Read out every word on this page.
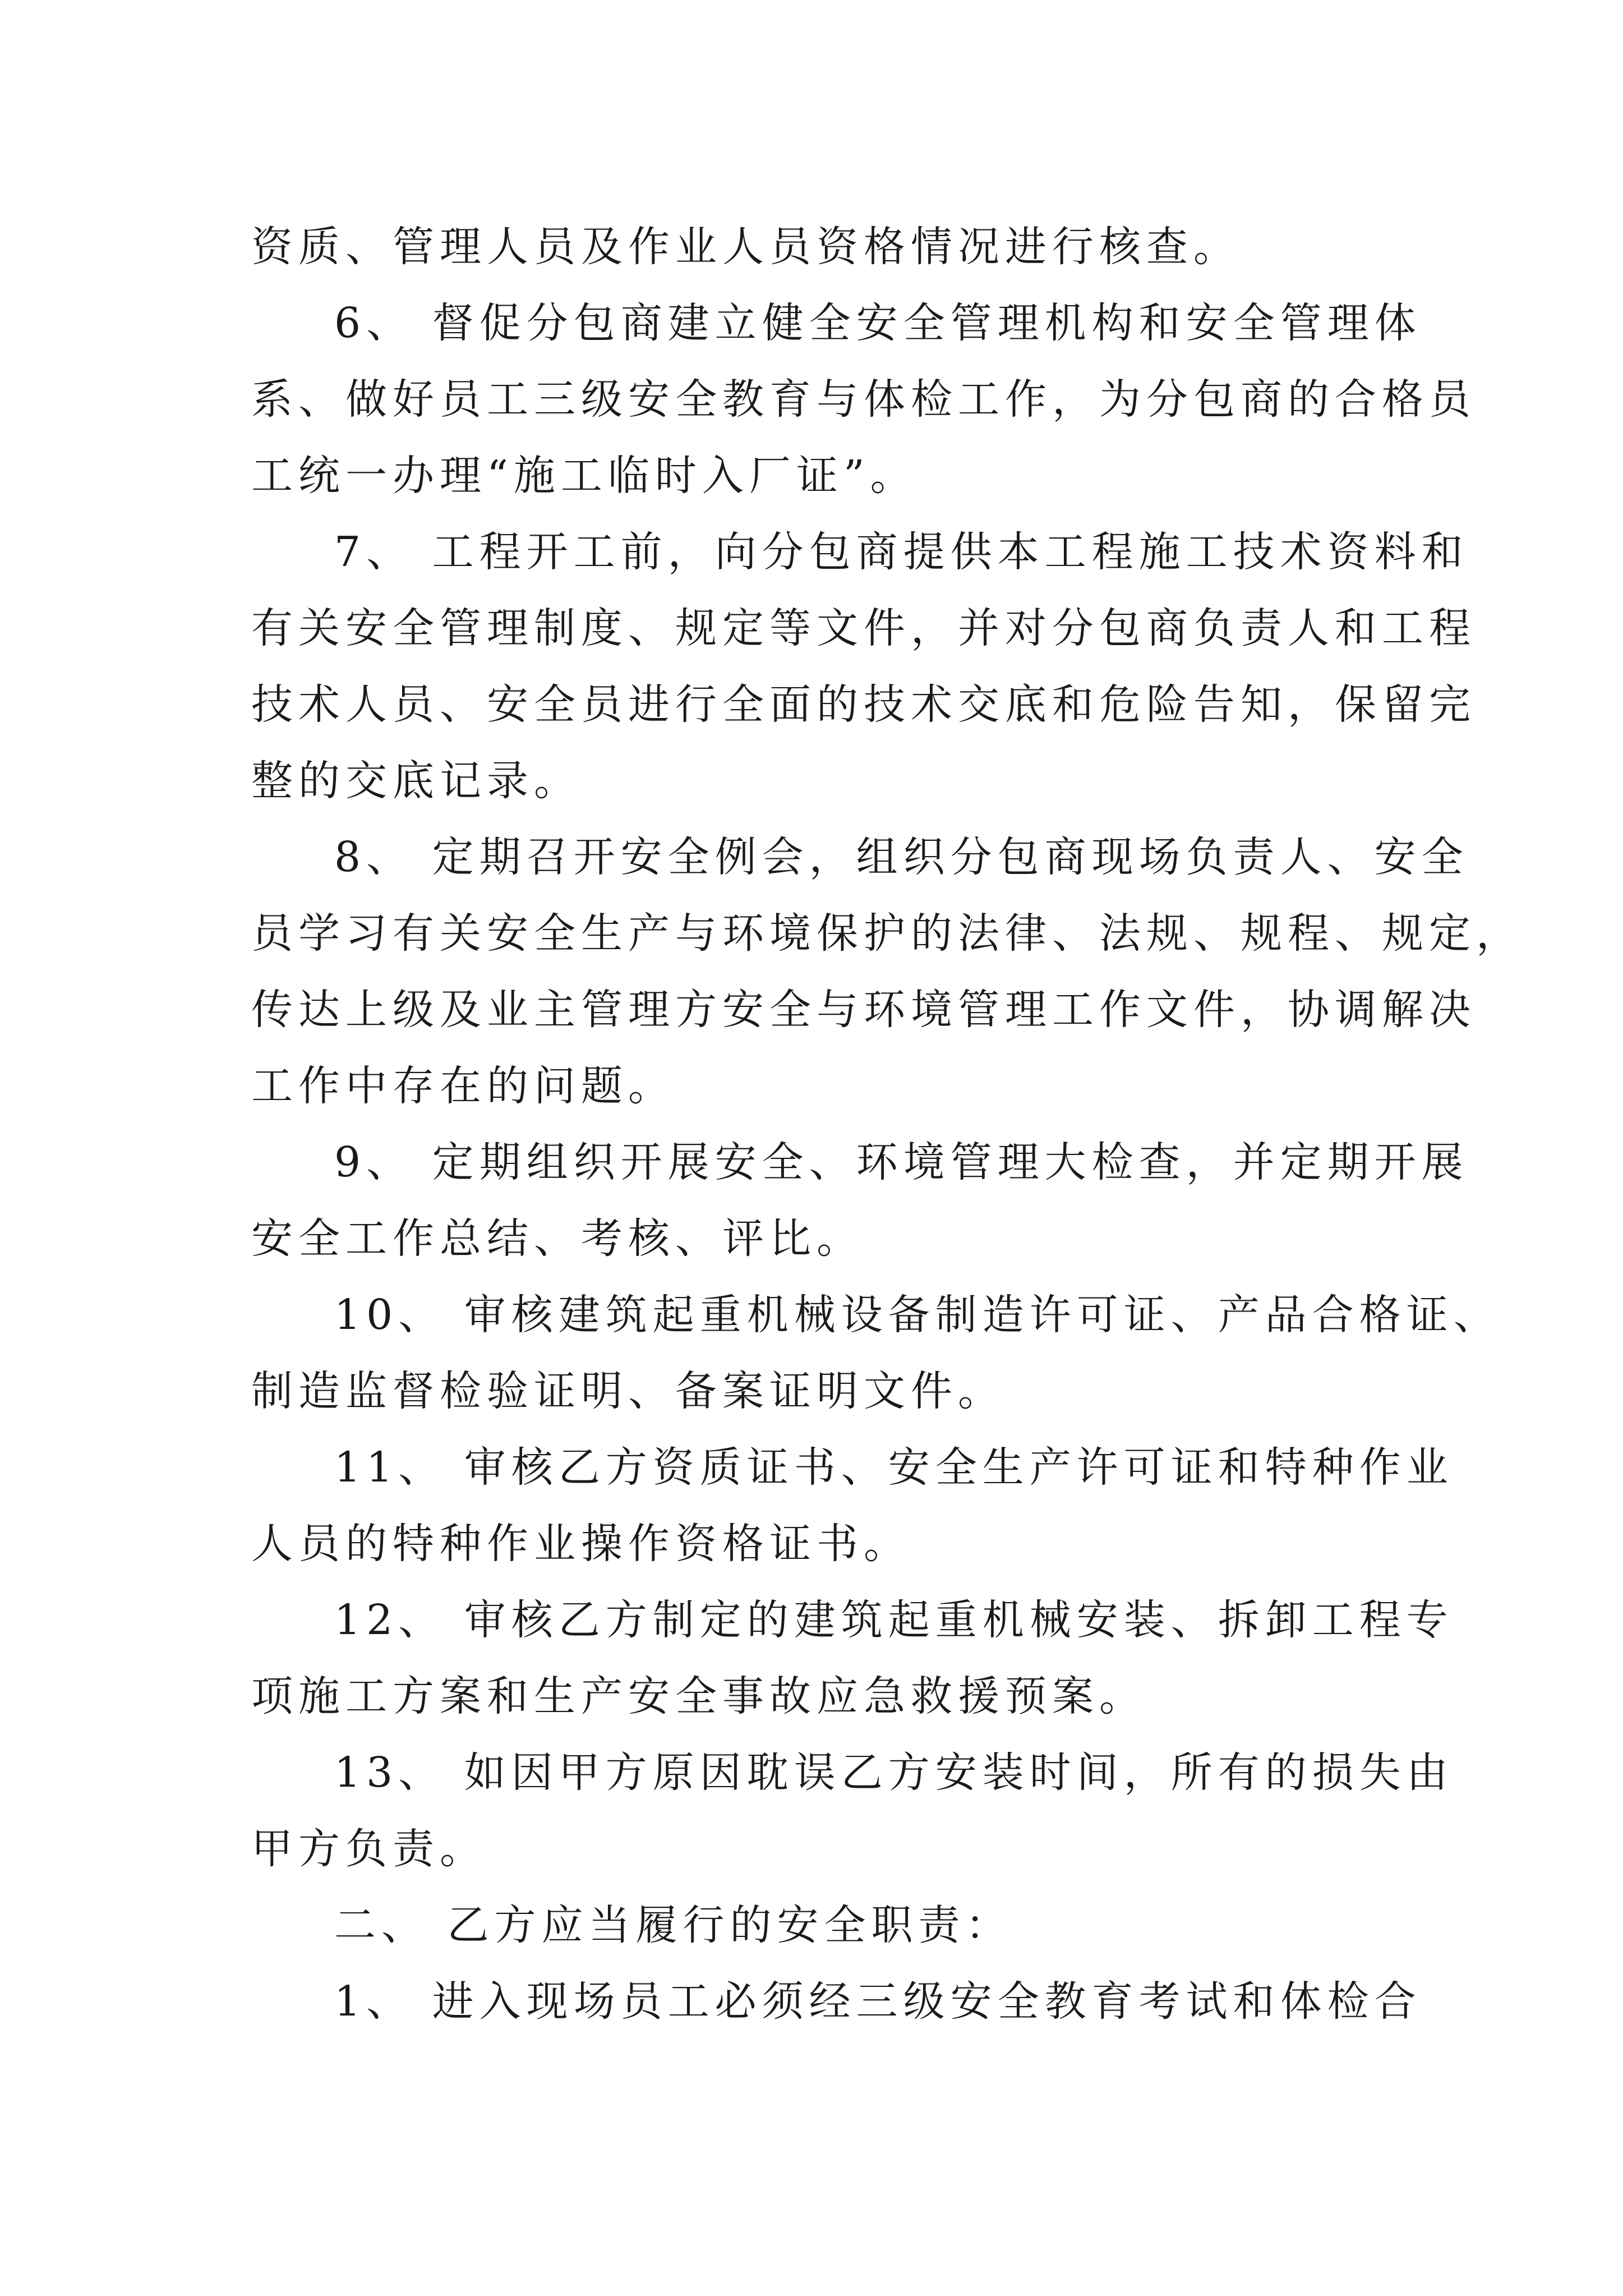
资质、管理人员及作业人员资格情况进行核查。
6、 督促分包商建立健全安全管理机构和安全管理体
系、做好员工三级安全教育与体检工作，为分包商的合格员
工统一办理“施工临时入厂证”。
7、 工程开工前，向分包商提供本工程施工技术资料和
有关安全管理制度、规定等文件，并对分包商负责人和工程
技术人员、安全员进行全面的技术交底和危险告知，保留完
整的交底记录。
8、 定期召开安全例会，组织分包商现场负责人、安全
员学习有关安全生产与环境保护的法律、法规、规程、规定，
传达上级及业主管理方安全与环境管理工作文件，协调解决
工作中存在的问题。
9、 定期组织开展安全、环境管理大检查，并定期开展
安全工作总结、考核、评比。
10、 审核建筑起重机械设备制造许可证、产品合格证、
制造监督检验证明、备案证明文件。
11、 审核乙方资质证书、安全生产许可证和特种作业
人员的特种作业操作资格证书。
12、 审核乙方制定的建筑起重机械安装、拆卸工程专
项施工方案和生产安全事故应急救援预案。
13、 如因甲方原因耽误乙方安装时间，所有的损失由
甲方负责。
二、 乙方应当履行的安全职责：
1、 进入现场员工必须经三级安全教育考试和体检合
